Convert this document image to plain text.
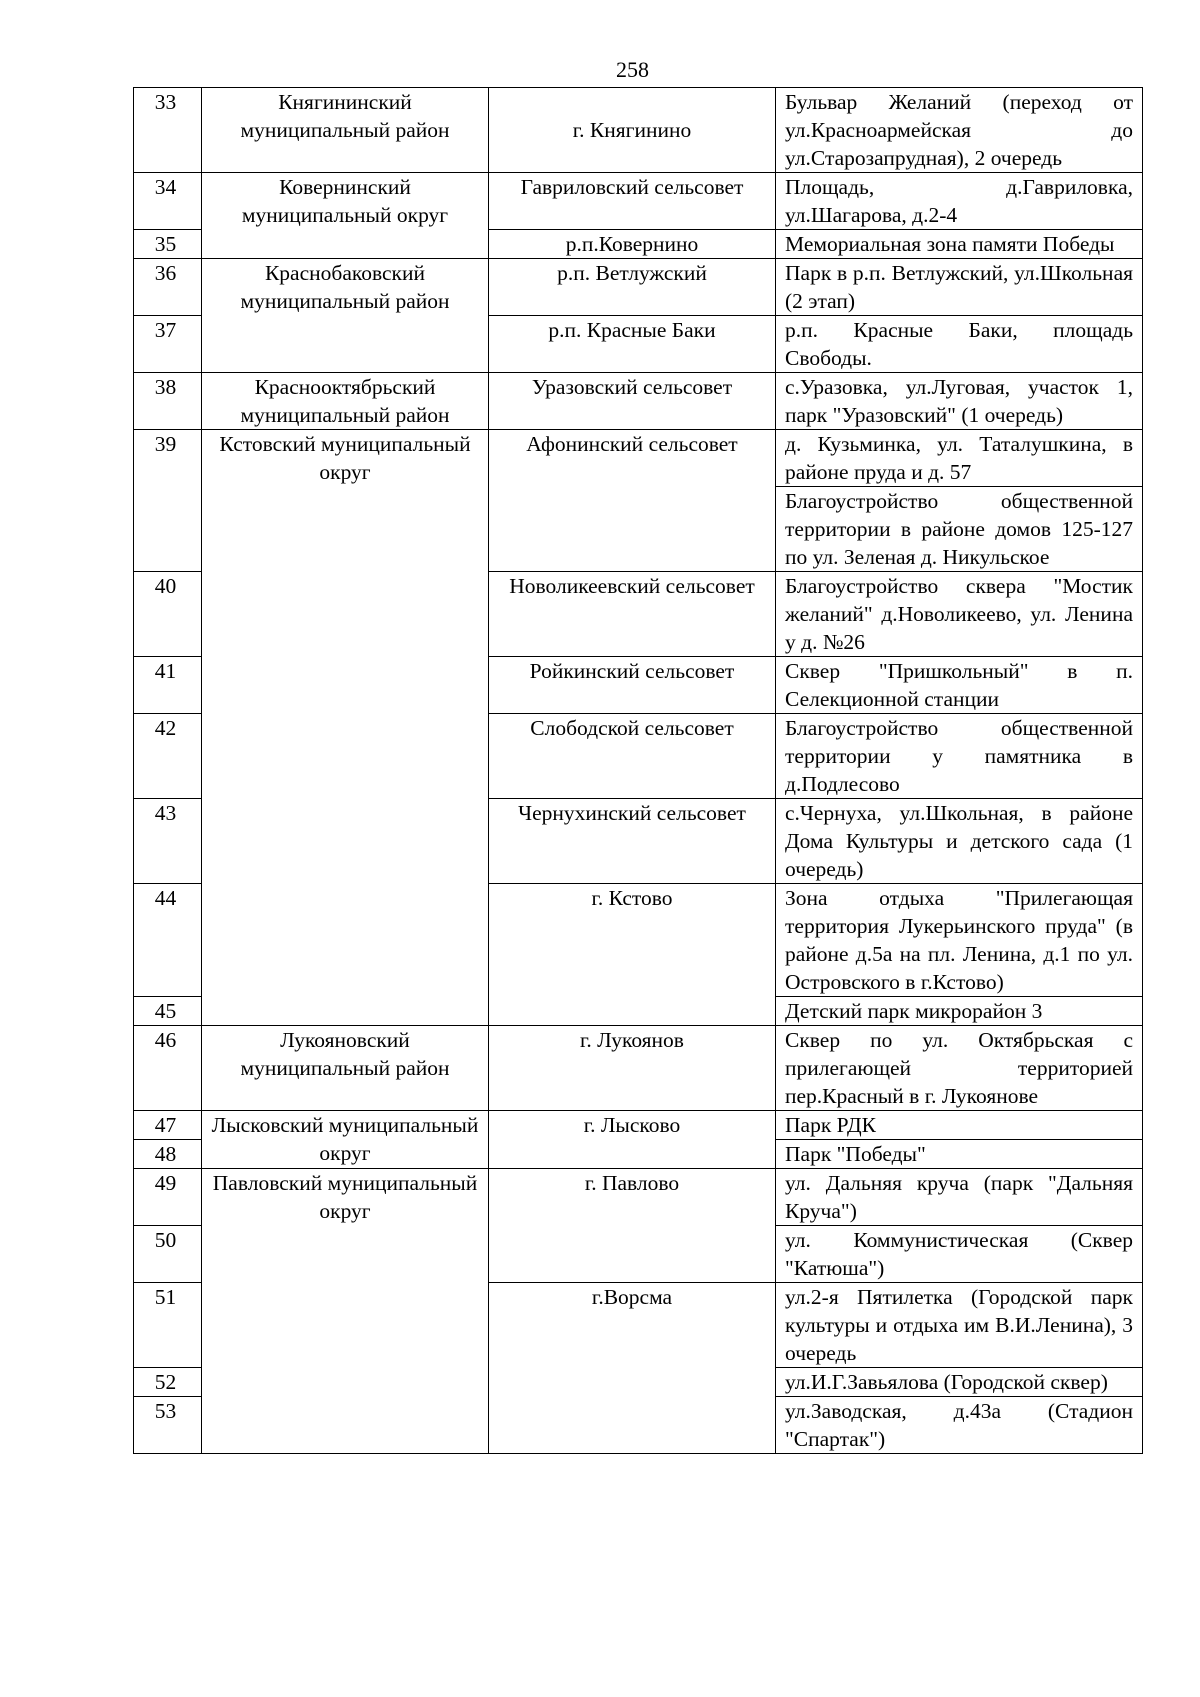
258
33	Княгининский муниципальный район	г. Княгинино	Бульвар Желаний (переход от ул.Красноармейская до ул.Старозапрудная), 2 очередь
34	Ковернинский муниципальный округ	Гавриловский сельсовет	Площадь, д.Гавриловка, ул.Шагарова, д.2-4
35		р.п.Ковернино	Мемориальная зона памяти Победы
36	Краснобаковский муниципальный район	р.п. Ветлужский	Парк в р.п. Ветлужский, ул.Школьная (2 этап)
37		р.п. Красные Баки	р.п. Красные Баки, площадь Свободы.
38	Краснооктябрьский муниципальный район	Уразовский сельсовет	с.Уразовка, ул.Луговая, участок 1, парк "Уразовский" (1 очередь)
39	Кстовский муниципальный округ	Афонинский сельсовет	д. Кузьминка, ул. Таталушкина, в районе пруда и д. 57
			Благоустройство общественной территории в районе домов 125-127 по ул. Зеленая д. Никульское
40		Новоликеевский сельсовет	Благоустройство сквера "Мостик желаний" д.Новоликеево, ул. Ленина у д. №26
41		Ройкинский сельсовет	Сквер "Пришкольный" в п. Селекционной станции
42		Слободской сельсовет	Благоустройство общественной территории у памятника в д.Подлесово
43		Чернухинский сельсовет	с.Чернуха, ул.Школьная, в районе Дома Культуры и детского сада (1 очередь)
44		г. Кстово	Зона отдыха "Прилегающая территория Лукерьинского пруда" (в районе д.5а на пл. Ленина, д.1 по ул. Островского в г.Кстово)
45			Детский парк микрорайон 3
46	Лукояновский муниципальный район	г. Лукоянов	Сквер по ул. Октябрьская с прилегающей территорией пер.Красный в г. Лукоянове
47	Лысковский муниципальный округ	г. Лысково	Парк РДК
48			Парк "Победы"
49	Павловский муниципальный округ	г. Павлово	ул. Дальняя круча (парк "Дальняя Круча")
50			ул. Коммунистическая (Сквер "Катюша")
51		г.Ворсма	ул.2-я Пятилетка (Городской парк культуры и отдыха им В.И.Ленина), 3 очередь
52			ул.И.Г.Завьялова (Городской сквер)
53			ул.Заводская, д.43а (Стадион "Спартак")
